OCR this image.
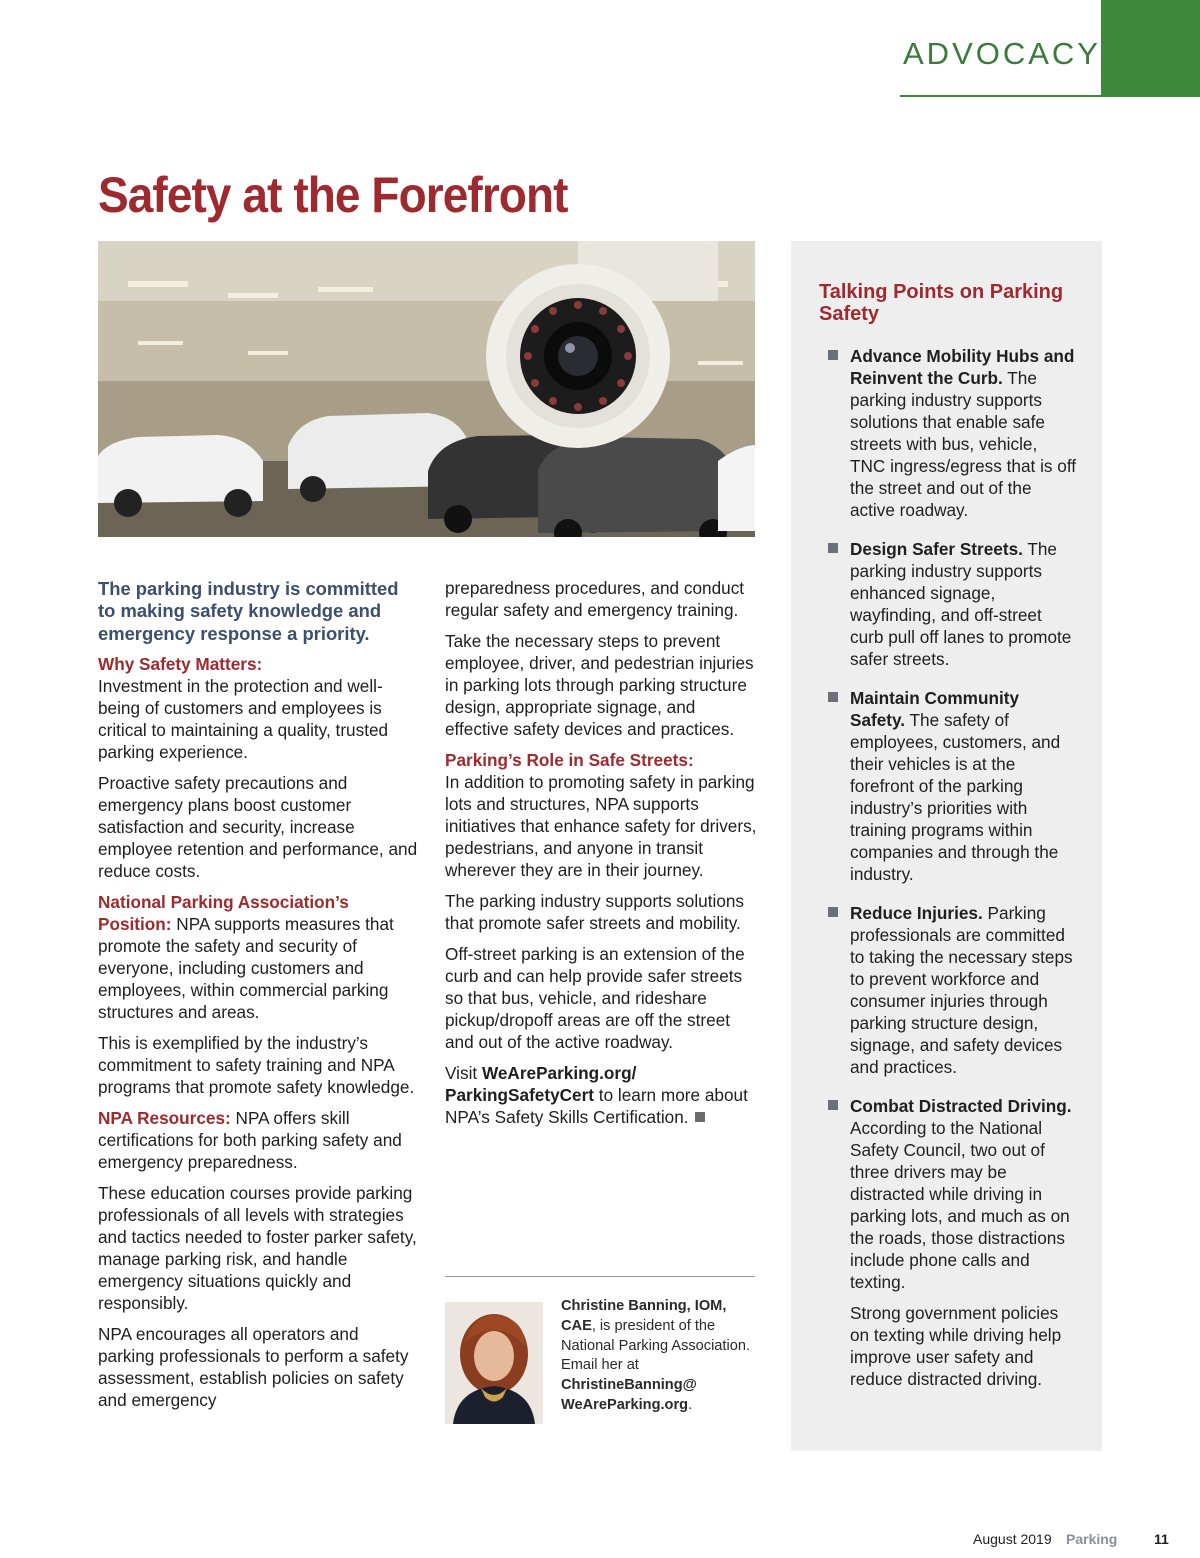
ADVOCACY
Safety at the Forefront

The parking industry is committed to making safety knowledge and emergency response a priority.

Why Safety Matters:
Investment in the protection and well-being of customers and employees is critical to maintaining a quality, trusted parking experience.

Proactive safety precautions and emergency plans boost customer satisfaction and security, increase employee retention and performance, and reduce costs.

National Parking Association’s Position: NPA supports measures that promote the safety and security of everyone, including customers and employees, within commercial parking structures and areas.

This is exemplified by the industry’s commitment to safety training and NPA programs that promote safety knowledge.

NPA Resources: NPA offers skill certifications for both parking safety and emergency preparedness.

These education courses provide parking professionals of all levels with strategies and tactics needed to foster parker safety, manage parking risk, and handle emergency situations quickly and responsibly.

NPA encourages all operators and parking professionals to perform a safety assessment, establish policies on safety and emergency

preparedness procedures, and conduct regular safety and emergency training.

Take the necessary steps to prevent employee, driver, and pedestrian injuries in parking lots through parking structure design, appropriate signage, and effective safety devices and practices.

Parking’s Role in Safe Streets:
In addition to promoting safety in parking lots and structures, NPA supports initiatives that enhance safety for drivers, pedestrians, and anyone in transit wherever they are in their journey.

The parking industry supports solutions that promote safer streets and mobility.

Off-street parking is an extension of the curb and can help provide safer streets so that bus, vehicle, and rideshare pickup/dropoff areas are off the street and out of the active roadway.

Visit WeAreParking.org/ ParkingSafetyCert to learn more about NPA’s Safety Skills Certification.

Christine Banning, IOM, CAE, is president of the National Parking Association. Email her at ChristineBanning@ WeAreParking.org.
Talking Points on Parking Safety
Advance Mobility Hubs and Reinvent the Curb. The parking industry supports solutions that enable safe streets with bus, vehicle, TNC ingress/egress that is off the street and out of the active roadway.
Design Safer Streets. The parking industry supports enhanced signage, wayfinding, and off-street curb pull off lanes to promote safer streets.
Maintain Community Safety. The safety of employees, customers, and their vehicles is at the forefront of the parking industry’s priorities with training programs within companies and through the industry.
Reduce Injuries. Parking professionals are committed to taking the necessary steps to prevent workforce and consumer injuries through parking structure design, signage, and safety devices and practices.
Combat Distracted Driving. According to the National Safety Council, two out of three drivers may be distracted while driving in parking lots, and much as on the roads, those distractions include phone calls and texting.

Strong government policies on texting while driving help improve user safety and reduce distracted driving.

August 2019 Parking	11
